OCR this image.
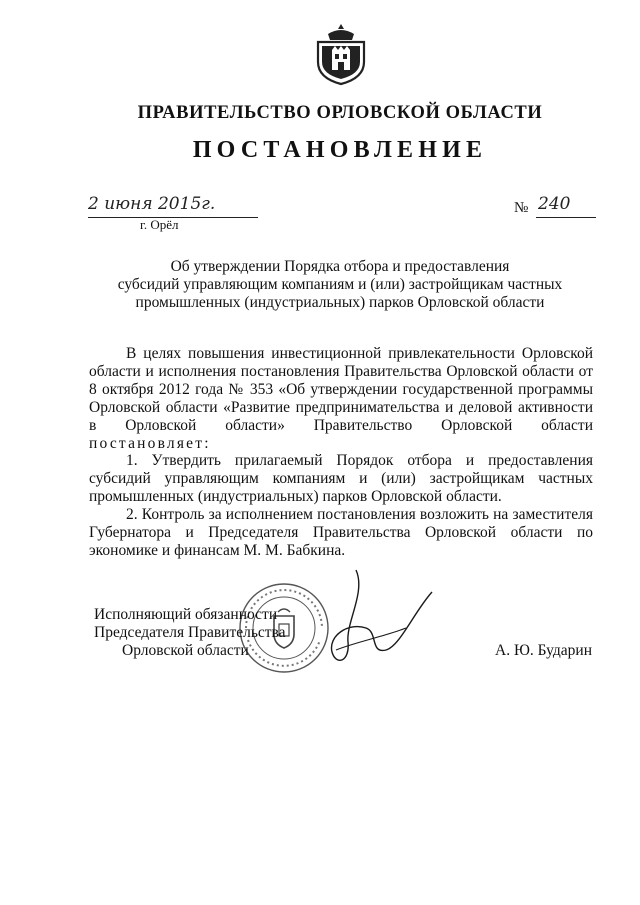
ПРАВИТЕЛЬСТВО ОРЛОВСКОЙ ОБЛАСТИ
ПОСТАНОВЛЕНИЕ
2 июня 2015г.	№ 240
г. Орёл
Об утверждении Порядка отбора и предоставления
субсидий управляющим компаниям и (или) застройщикам частных
промышленных (индустриальных) парков Орловской области
В целях повышения инвестиционной привлекательности Орловской области и исполнения постановления Правительства Орловской области от 8 октября 2012 года № 353 «Об утверждении государственной программы Орловской области «Развитие предпринимательства и деловой активности в Орловской области» Правительство Орловской области постановляет:
1. Утвердить прилагаемый Порядок отбора и предоставления субсидий управляющим компаниям и (или) застройщикам частных промышленных (индустриальных) парков Орловской области.
2. Контроль за исполнением постановления возложить на заместителя Губернатора и Председателя Правительства Орловской области по экономике и финансам М. М. Бабкина.
Исполняющий обязанности
Председателя Правительства
Орловской области	А. Ю. Бударин
